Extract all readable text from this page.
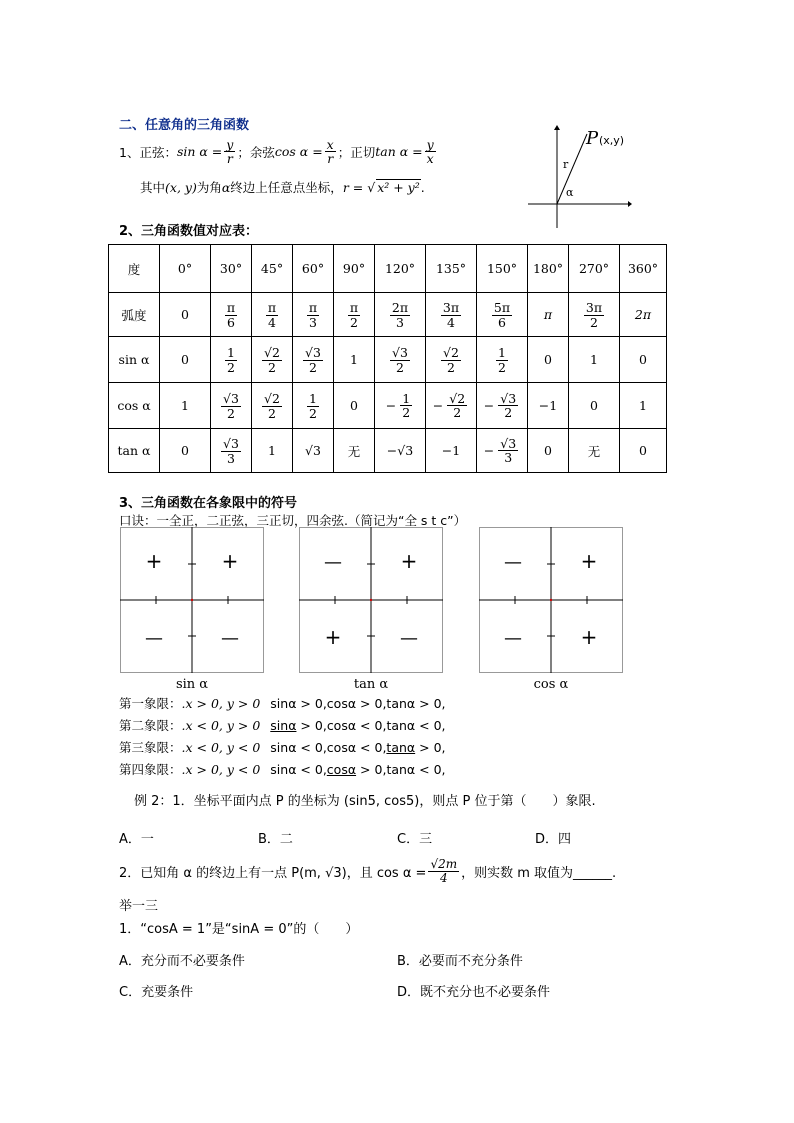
二、任意角的三角函数
1、正弦： $\sin \alpha = \frac{y}{r}$ ；余弦 $\cos \alpha = \frac{x}{r}$ ；正切 $\tan \alpha = \frac{y}{x}$
其中(x, y)为角α终边上任意点坐标，r = √ x² + y².
P (x,y)
r
α
2、三角函数值对应表：
度	0°	30°	45°	60°	90°	120°	135°	150°	180°	270°	360°
弧度	0	$\frac{\pi}{6}$	$\frac{\pi}{4}$	$\frac{\pi}{3}$	$\frac{\pi}{2}$	$\frac{2\pi}{3}$	$\frac{3\pi}{4}$	$\frac{5\pi}{6}$	π	$\frac{3\pi}{2}$	2π
sin α	0	$\frac{1}{2}$	$\frac{√2}{2}$	$\frac{√3}{2}$	1	$\frac{√3}{2}$	$\frac{√2}{2}$	$\frac{1}{2}$	0	1	0
cos α	1	$\frac{√3}{2}$	$\frac{√2}{2}$	$\frac{1}{2}$	0	− $\frac{1}{2}$	− $\frac{√2}{2}$	− $\frac{√3}{2}$	−1	0	1
tan α	0	$\frac{√3}{3}$	1	√3	无	−√3	−1	− $\frac{√3}{3}$	0	无	0
3、三角函数在各象限中的符号
口诀：一全正，二正弦，三正切，四余弦.（简记为“全 s t c”）
+	+
—	—
sin α
—	+
+	—
tan α
—	+
—	+
cos α
第一象限：.x > 0, y > 0 sinα > 0,cosα > 0,tanα > 0,
第二象限：.x < 0, y > 0 sinα > 0,cosα < 0,tanα < 0,
第三象限：.x < 0, y < 0 sinα < 0,cosα < 0,tanα > 0,
第四象限：.x > 0, y < 0 sinα < 0,cosα > 0,tanα < 0,
例 2：1．坐标平面内点 P 的坐标为 (sin5, cos5)，则点 P 位于第（　　）象限.
A．一	B．二	C．三	D．四
2．已知角 α 的终边上有一点 P(m, √3)，且 $\cos \alpha = \frac{√2m}{4}$ ，则实数 m 取值为______.
举一三
1．“cosA = 1”是“sinA = 0”的（　　）
A．充分而不必要条件	B．必要而不充分条件
C．充要条件	D．既不充分也不必要条件
